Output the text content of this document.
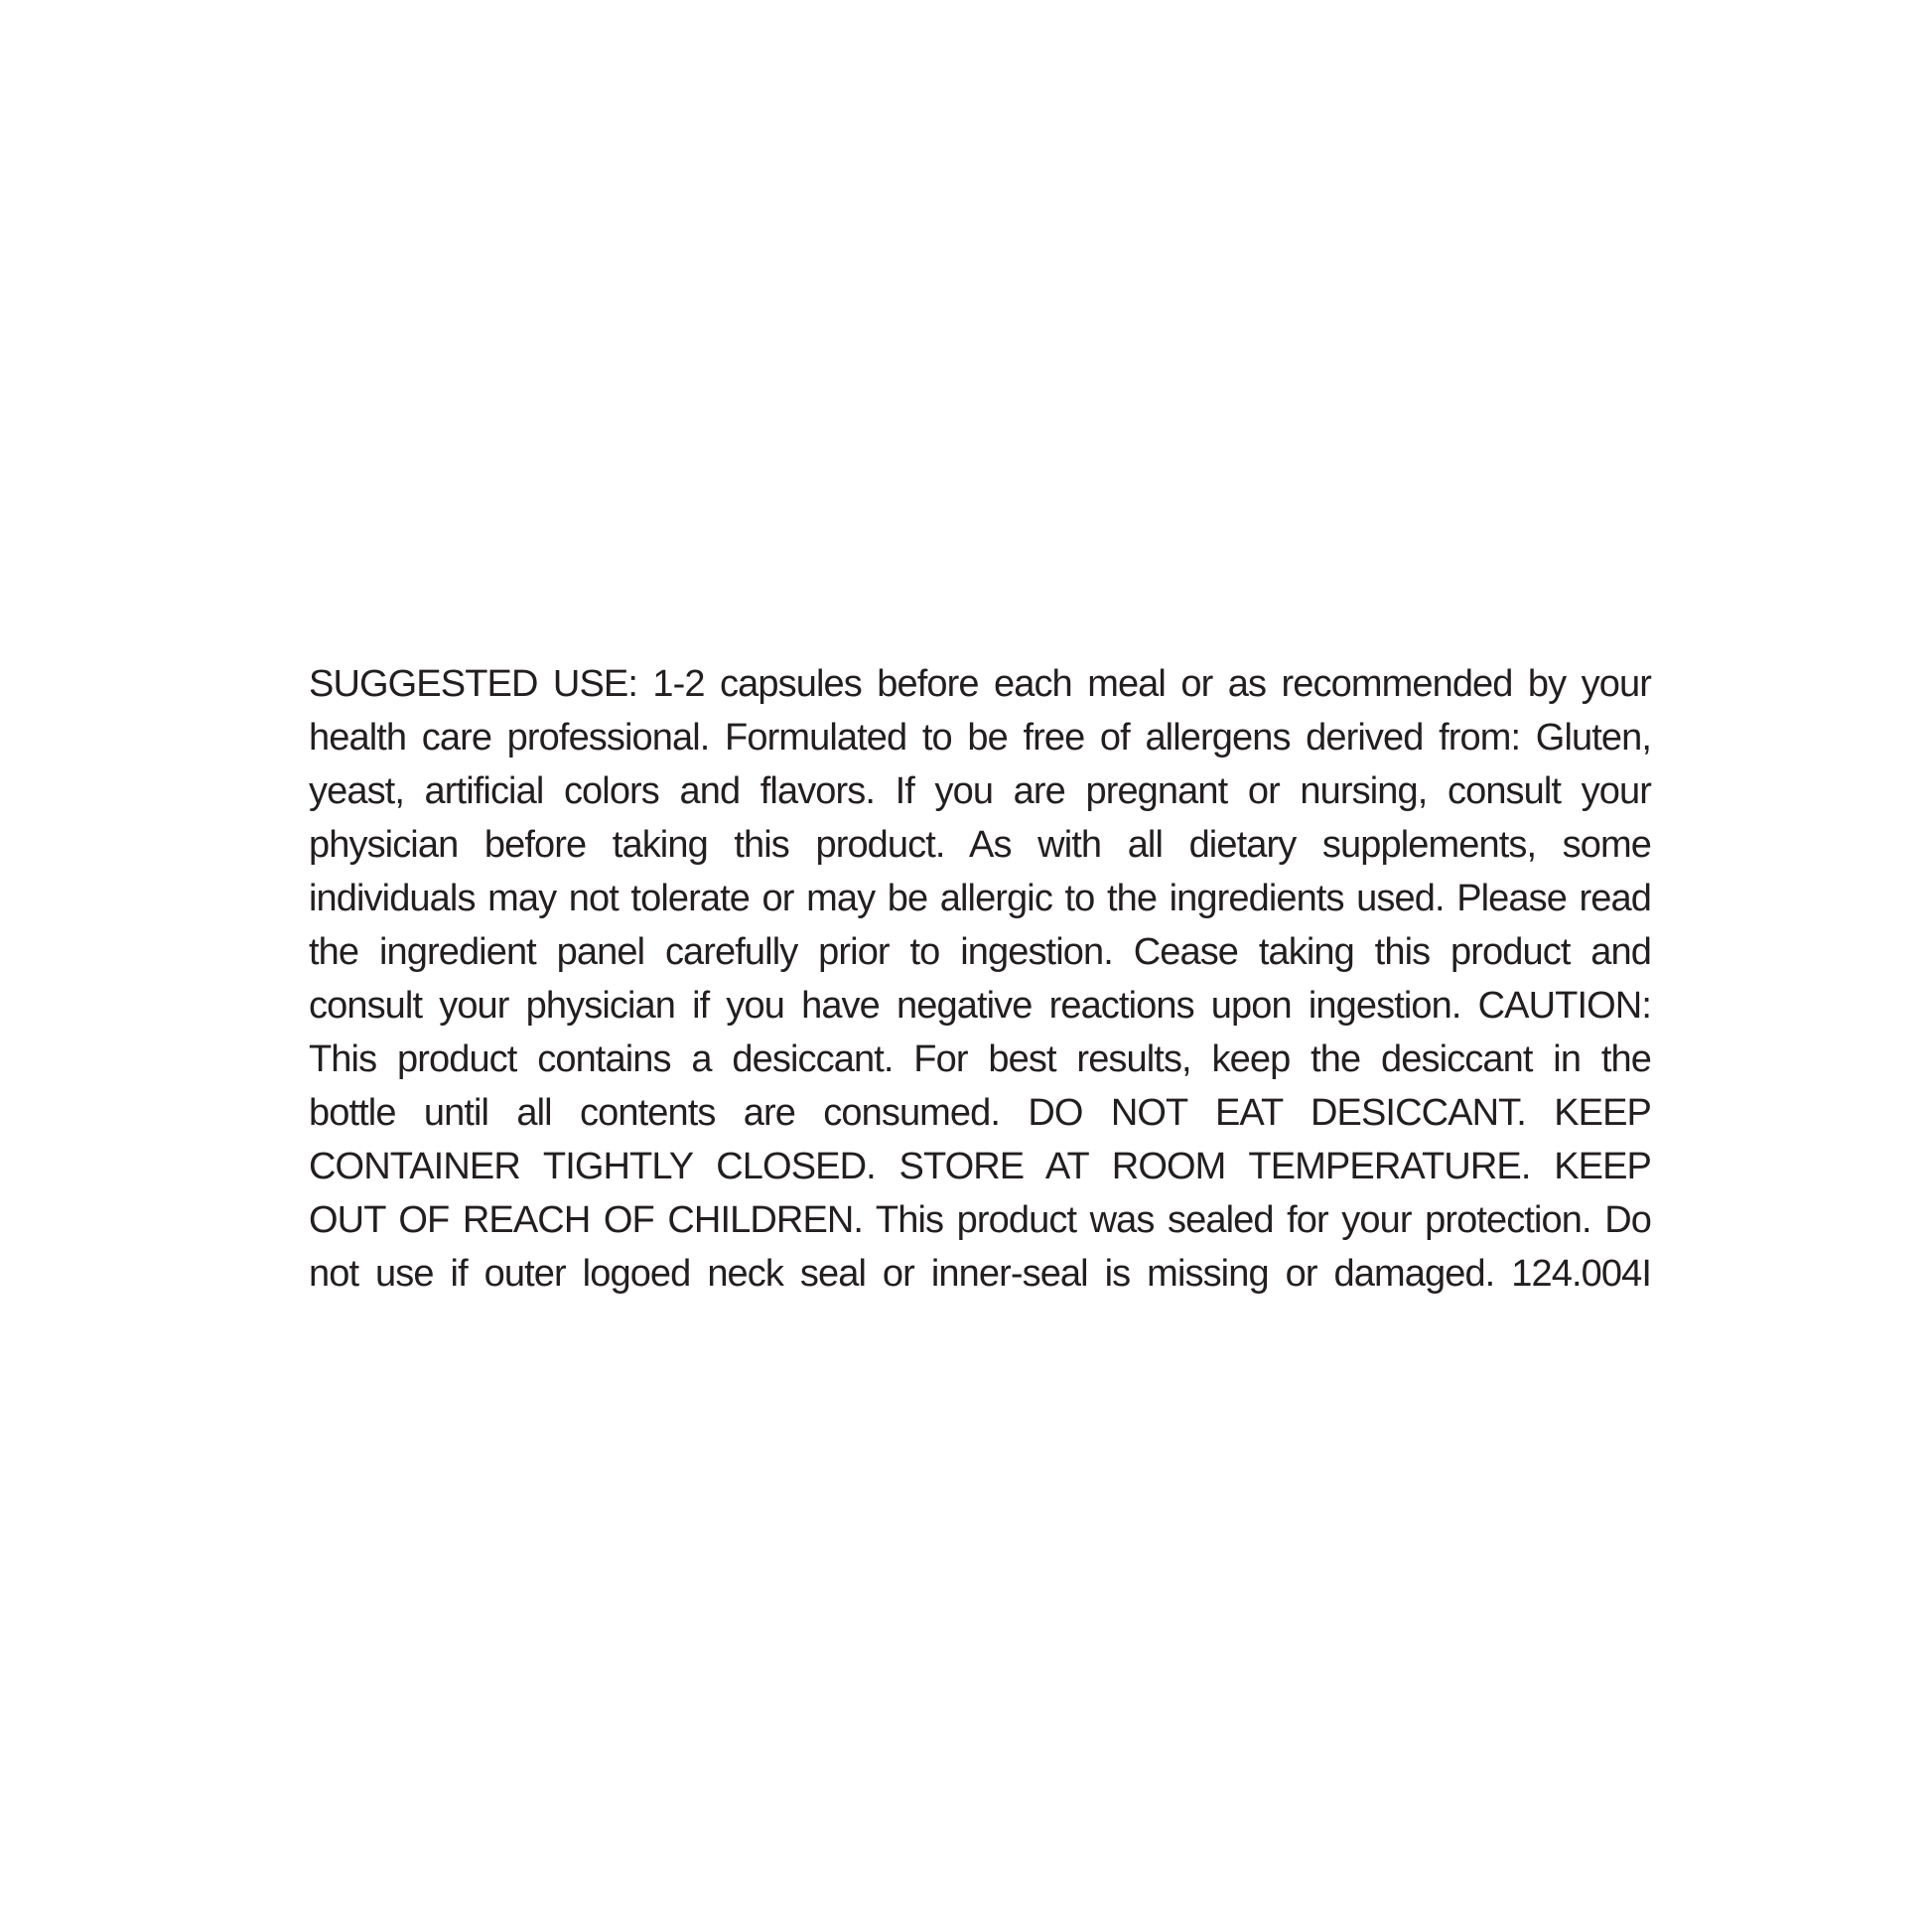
SUGGESTED USE: 1-2 capsules before each meal or as recommended by your
health care professional. Formulated to be free of allergens derived from: Gluten,
yeast, artificial colors and flavors. If you are pregnant or nursing, consult your
physician before taking this product. As with all dietary supplements, some
individuals may not tolerate or may be allergic to the ingredients used. Please read
the ingredient panel carefully prior to ingestion. Cease taking this product and
consult your physician if you have negative reactions upon ingestion. CAUTION:
This product contains a desiccant. For best results, keep the desiccant in the
bottle until all contents are consumed. DO NOT EAT DESICCANT. KEEP
CONTAINER TIGHTLY CLOSED. STORE AT ROOM TEMPERATURE. KEEP
OUT OF REACH OF CHILDREN. This product was sealed for your protection. Do
not use if outer logoed neck seal or inner-seal is missing or damaged. 124.004I
